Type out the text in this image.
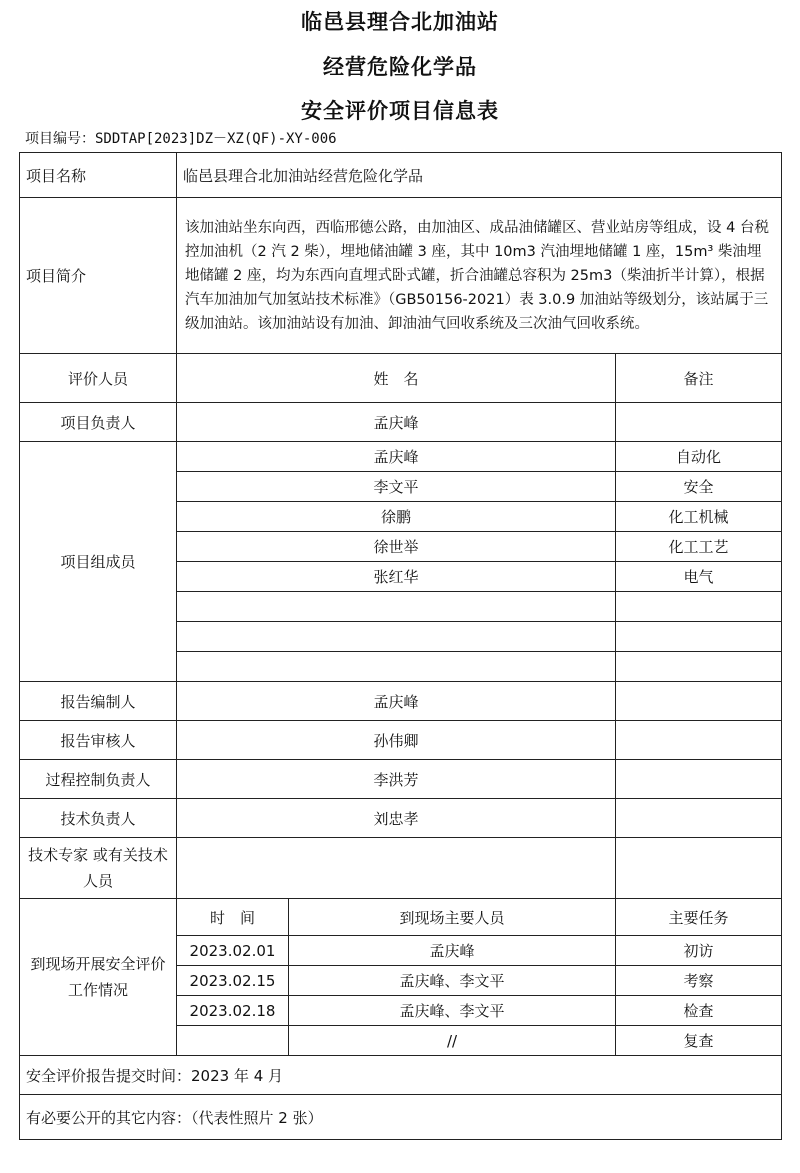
临邑县理合北加油站
经营危险化学品
安全评价项目信息表
项目编号：SDDTAP[2023]DZ－XZ(QF)-XY-006
项目名称	临邑县理合北加油站经营危险化学品		
项目简介	该加油站坐东向西，西临邢德公路，由加油区、成品油储罐区、营业站房等组成，设 4 台税控加油机（2 汽 2 柴），埋地储油罐 3 座，其中 10m3 汽油埋地储罐 1 座，15m³ 柴油埋地储罐 2 座，均为东西向直埋式卧式罐，折合油罐总容积为 25m3（柴油折半计算），根据汽车加油加气加氢站技术标准》（GB50156-2021）表 3.0.9 加油站等级划分，该站属于三级加油站。该加油站设有加油、卸油油气回收系统及三次油气回收系统。		
评价人员	姓　名		备注
项目负责人	孟庆峰		
项目组成员	孟庆峰		自动化
	李文平		安全
	徐鹏		化工机械
	徐世举		化工工艺
	张红华		电气

报告编制人	孟庆峰		
报告审核人	孙伟卿		
过程控制负责人	李洪芳		
技术负责人	刘忠孝		
技术专家 或有关技术人员			
到现场开展安全评价工作情况	时　间	到现场主要人员	主要任务
	2023.02.01	孟庆峰	初访
	2023.02.15	孟庆峰、李文平	考察
	2023.02.18	孟庆峰、李文平	检查
		//	复查
安全评价报告提交时间：2023 年 4 月			
有必要公开的其它内容：（代表性照片 2 张）			
